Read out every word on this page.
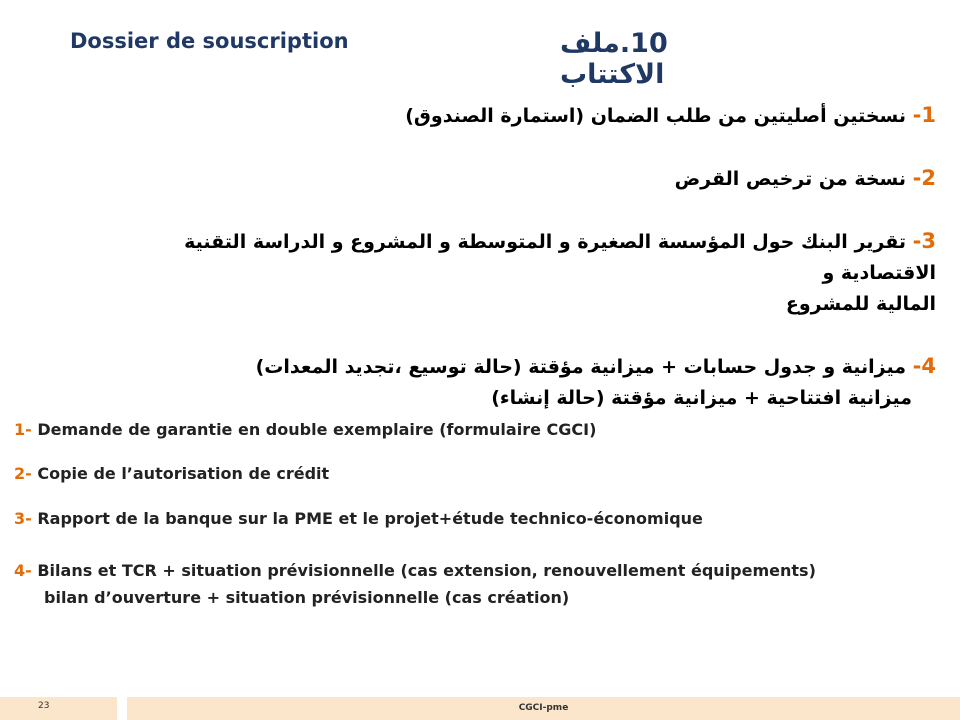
Dossier de souscription	10.ملف الاكتتاب
1- نسختين أصليتين من طلب الضمان (استمارة الصندوق)
2- نسخة من ترخيص القرض
3- تقرير البنك حول المؤسسة الصغيرة و المتوسطة و المشروع و الدراسة التقنية الاقتصادية و
المالية للمشروع
4- ميزانية و جدول حسابات + ميزانية مؤقتة (حالة توسيع ،تجديد المعدات)
ميزانية افتتاحية + ميزانية مؤقتة (حالة إنشاء)
1- Demande de garantie en double exemplaire (formulaire CGCI)
2- Copie de l’autorisation de crédit
3- Rapport de la banque sur la PME et le projet+étude technico-économique
4- Bilans et TCR + situation prévisionnelle (cas extension, renouvellement équipements)
bilan d’ouverture + situation prévisionnelle (cas création)
23	CGCI-pme
